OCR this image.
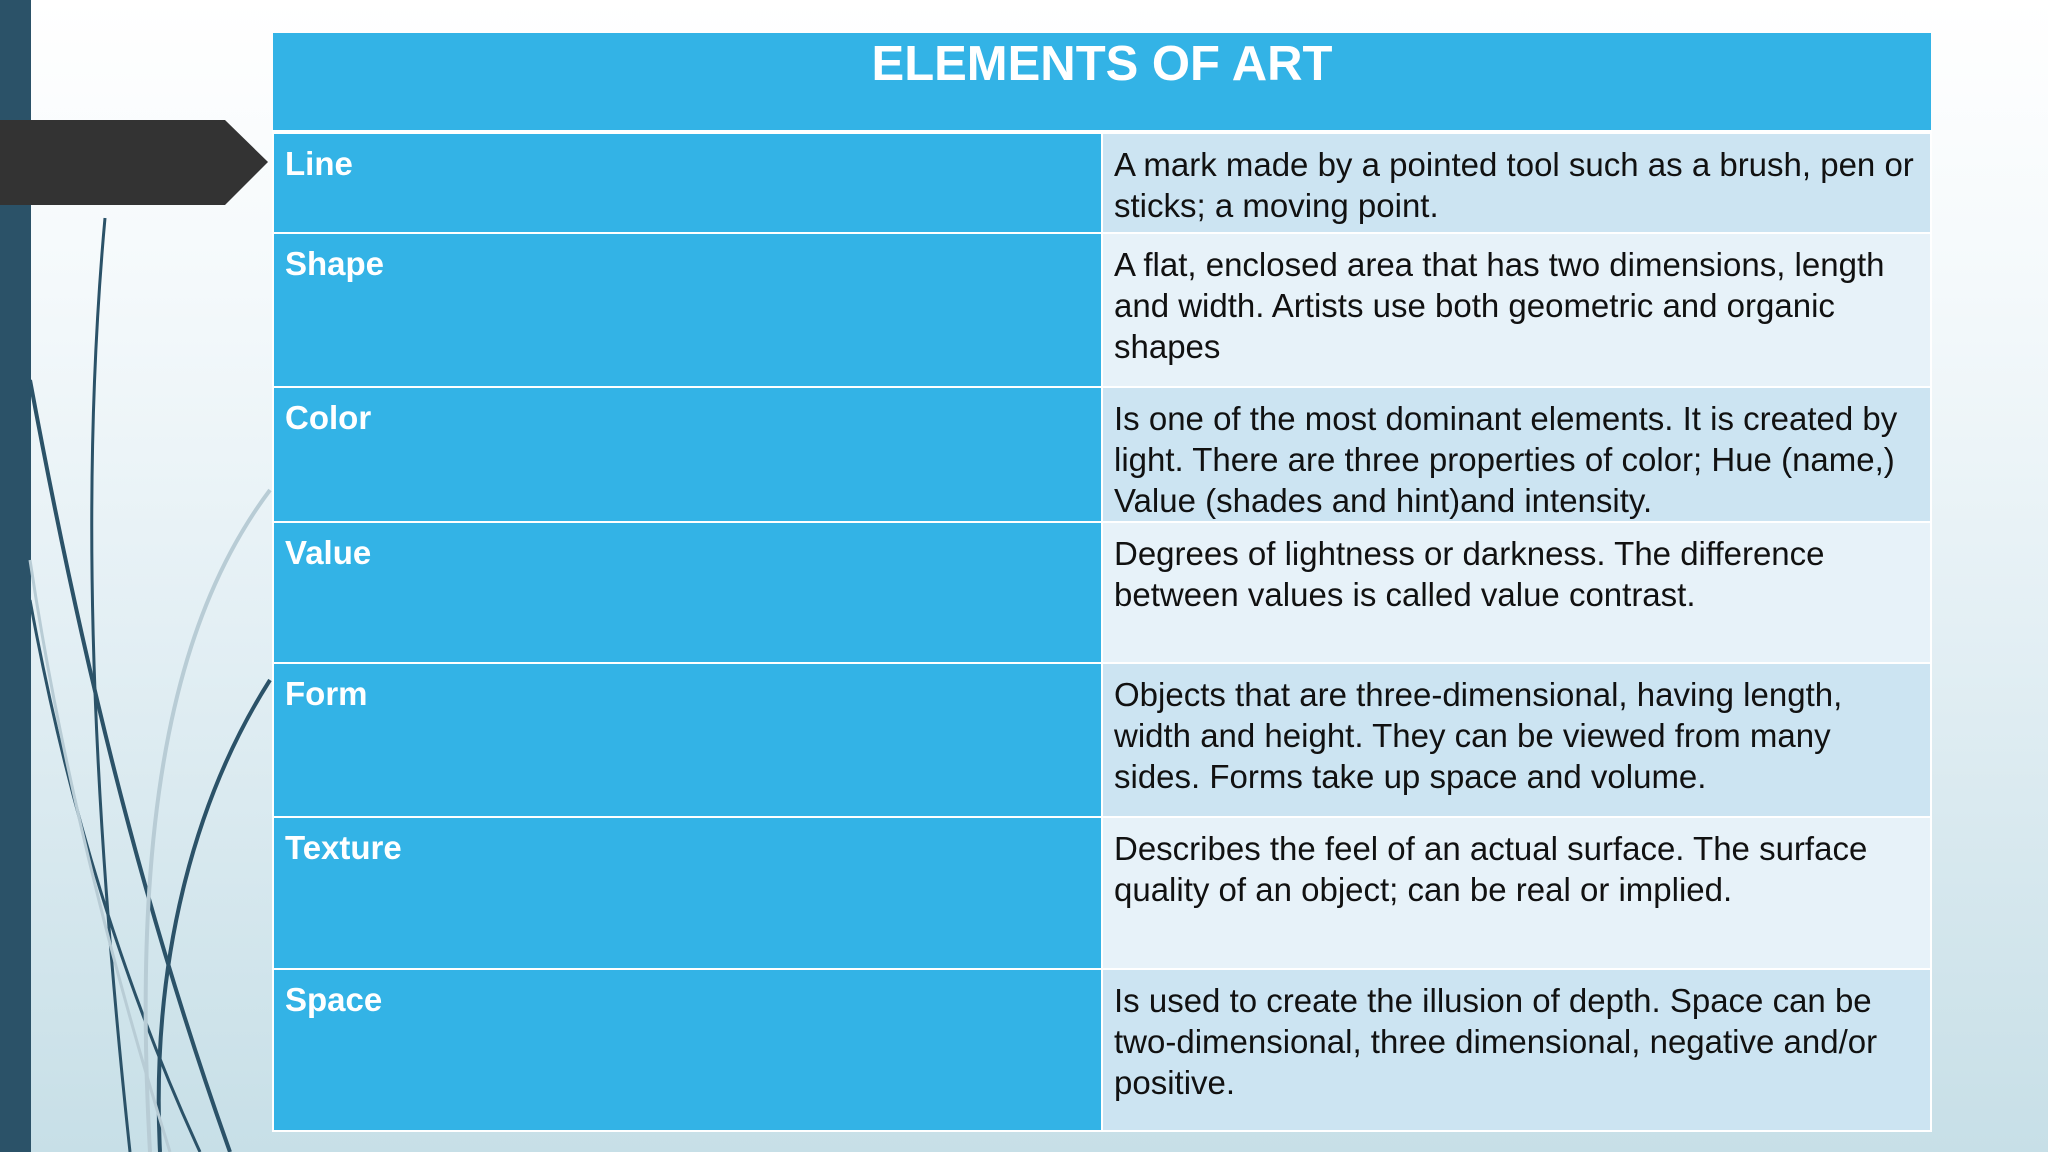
ELEMENTS OF ART	
Line	A mark made by a pointed tool such as a brush, pen or sticks; a moving point.
Shape	A flat, enclosed area that has two dimensions, length and width. Artists use both geometric and organic shapes
Color	Is one of the most dominant elements. It is created by light. There are three properties of color; Hue (name,) Value (shades and hint)and intensity.
Value	Degrees of lightness or darkness. The difference between values is called value contrast.
Form	Objects that are three-dimensional, having length, width and height. They can be viewed from many sides. Forms take up space and volume.
Texture	Describes the feel of an actual surface. The surface quality of an object; can be real or implied.
Space	Is used to create the illusion of depth. Space can be two-dimensional, three dimensional, negative and/or positive.
